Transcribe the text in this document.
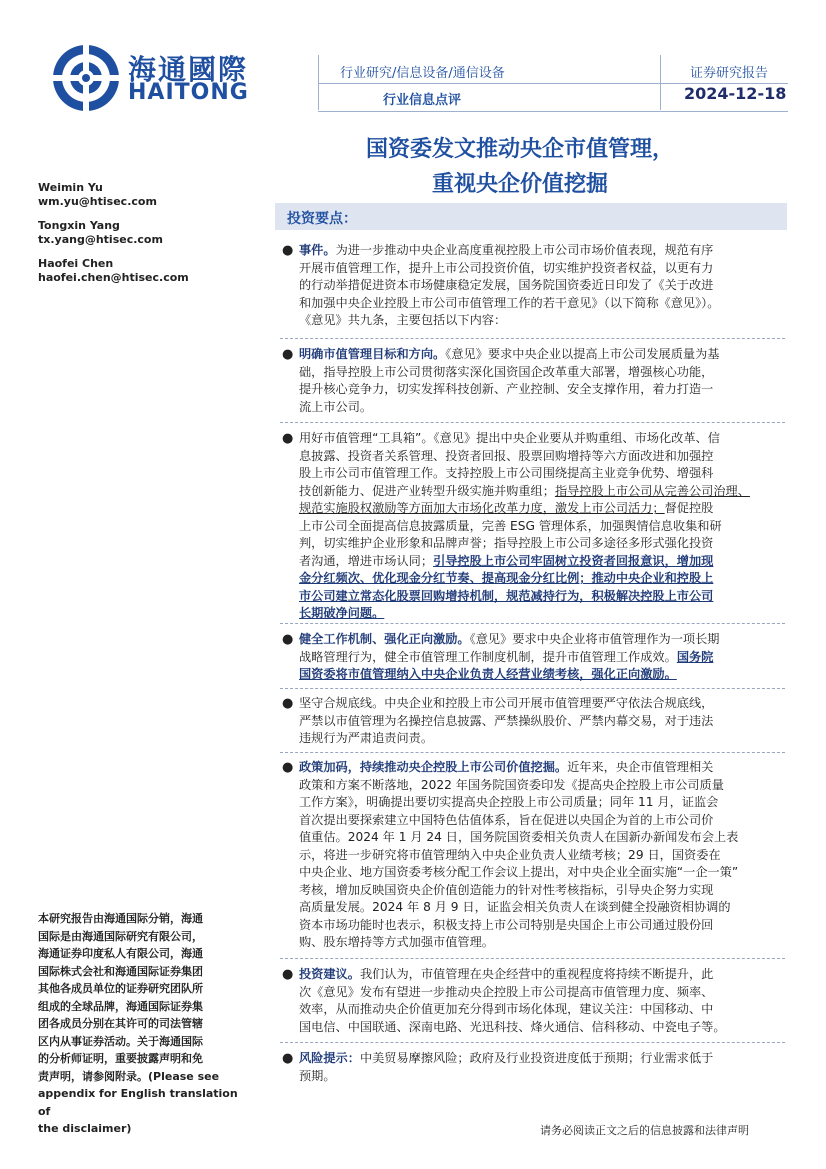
海通國際
HAITONG
行业研究/信息设备/通信设备
行业信息点评
证券研究报告
2024-12-18
国资委发文推动央企市值管理，
重视央企价值挖掘
Weimin Yu
wm.yu@htisec.com
Tongxin Yang
tx.yang@htisec.com
Haofei Chen
haofei.chen@htisec.com
本研究报告由海通国际分销，海通
国际是由海通国际研究有限公司，
海通证券印度私人有限公司，海通
国际株式会社和海通国际证券集团
其他各成员单位的证券研究团队所
组成的全球品牌，海通国际证券集
团各成员分别在其许可的司法管辖
区内从事证券活动。关于海通国际
的分析师证明，重要披露声明和免
责声明，请参阅附录。(Please see
appendix for English translation of
the disclaimer)
投资要点：
● 事件。为进一步推动中央企业高度重视控股上市公司市场价值表现，规范有序
开展市值管理工作，提升上市公司投资价值，切实维护投资者权益，以更有力
的行动举措促进资本市场健康稳定发展，国务院国资委近日印发了《关于改进
和加强中央企业控股上市公司市值管理工作的若干意见》（以下简称《意见》）。
《意见》共九条，主要包括以下内容：
● 明确市值管理目标和方向。《意见》要求中央企业以提高上市公司发展质量为基
础，指导控股上市公司贯彻落实深化国资国企改革重大部署，增强核心功能，
提升核心竞争力，切实发挥科技创新、产业控制、安全支撑作用，着力打造一
流上市公司。
● 用好市值管理“工具箱”。《意见》提出中央企业要从并购重组、市场化改革、信
息披露、投资者关系管理、投资者回报、股票回购增持等六方面改进和加强控
股上市公司市值管理工作。支持控股上市公司围绕提高主业竞争优势、增强科
技创新能力、促进产业转型升级实施并购重组；指导控股上市公司从完善公司治理、
规范实施股权激励等方面加大市场化改革力度，激发上市公司活力；督促控股
上市公司全面提高信息披露质量，完善 ESG 管理体系，加强舆情信息收集和研
判，切实维护企业形象和品牌声誉；指导控股上市公司多途径多形式强化投资
者沟通，增进市场认同；引导控股上市公司牢固树立投资者回报意识，增加现
金分红频次、优化现金分红节奏、提高现金分红比例；推动中央企业和控股上
市公司建立常态化股票回购增持机制，规范减持行为，积极解决控股上市公司
长期破净问题。
● 健全工作机制、强化正向激励。《意见》要求中央企业将市值管理作为一项长期
战略管理行为，健全市值管理工作制度机制，提升市值管理工作成效。国务院
国资委将市值管理纳入中央企业负责人经营业绩考核，强化正向激励。
● 坚守合规底线。中央企业和控股上市公司开展市值管理要严守依法合规底线，
严禁以市值管理为名操控信息披露、严禁操纵股价、严禁内幕交易，对于违法
违规行为严肃追责问责。
● 政策加码，持续推动央企控股上市公司价值挖掘。近年来，央企市值管理相关
政策和方案不断落地，2022 年国务院国资委印发《提高央企控股上市公司质量
工作方案》，明确提出要切实提高央企控股上市公司质量；同年 11 月，证监会
首次提出要探索建立中国特色估值体系，旨在促进以央国企为首的上市公司价
值重估。2024 年 1 月 24 日，国务院国资委相关负责人在国新办新闻发布会上表
示，将进一步研究将市值管理纳入中央企业负责人业绩考核；29 日，国资委在
中央企业、地方国资委考核分配工作会议上提出，对中央企业全面实施“一企一策”
考核，增加反映国资央企价值创造能力的针对性考核指标，引导央企努力实现
高质量发展。2024 年 8 月 9 日，证监会相关负责人在谈到健全投融资相协调的
资本市场功能时也表示，积极支持上市公司特别是央国企上市公司通过股份回
购、股东增持等方式加强市值管理。
● 投资建议。我们认为，市值管理在央企经营中的重视程度将持续不断提升，此
次《意见》发布有望进一步推动央企控股上市公司提高市值管理力度、频率、
效率，从而推动央企价值更加充分得到市场化体现，建议关注：中国移动、中
国电信、中国联通、深南电路、光迅科技、烽火通信、信科移动、中瓷电子等。
● 风险提示：中美贸易摩擦风险；政府及行业投资进度低于预期；行业需求低于
预期。
请务必阅读正文之后的信息披露和法律声明
